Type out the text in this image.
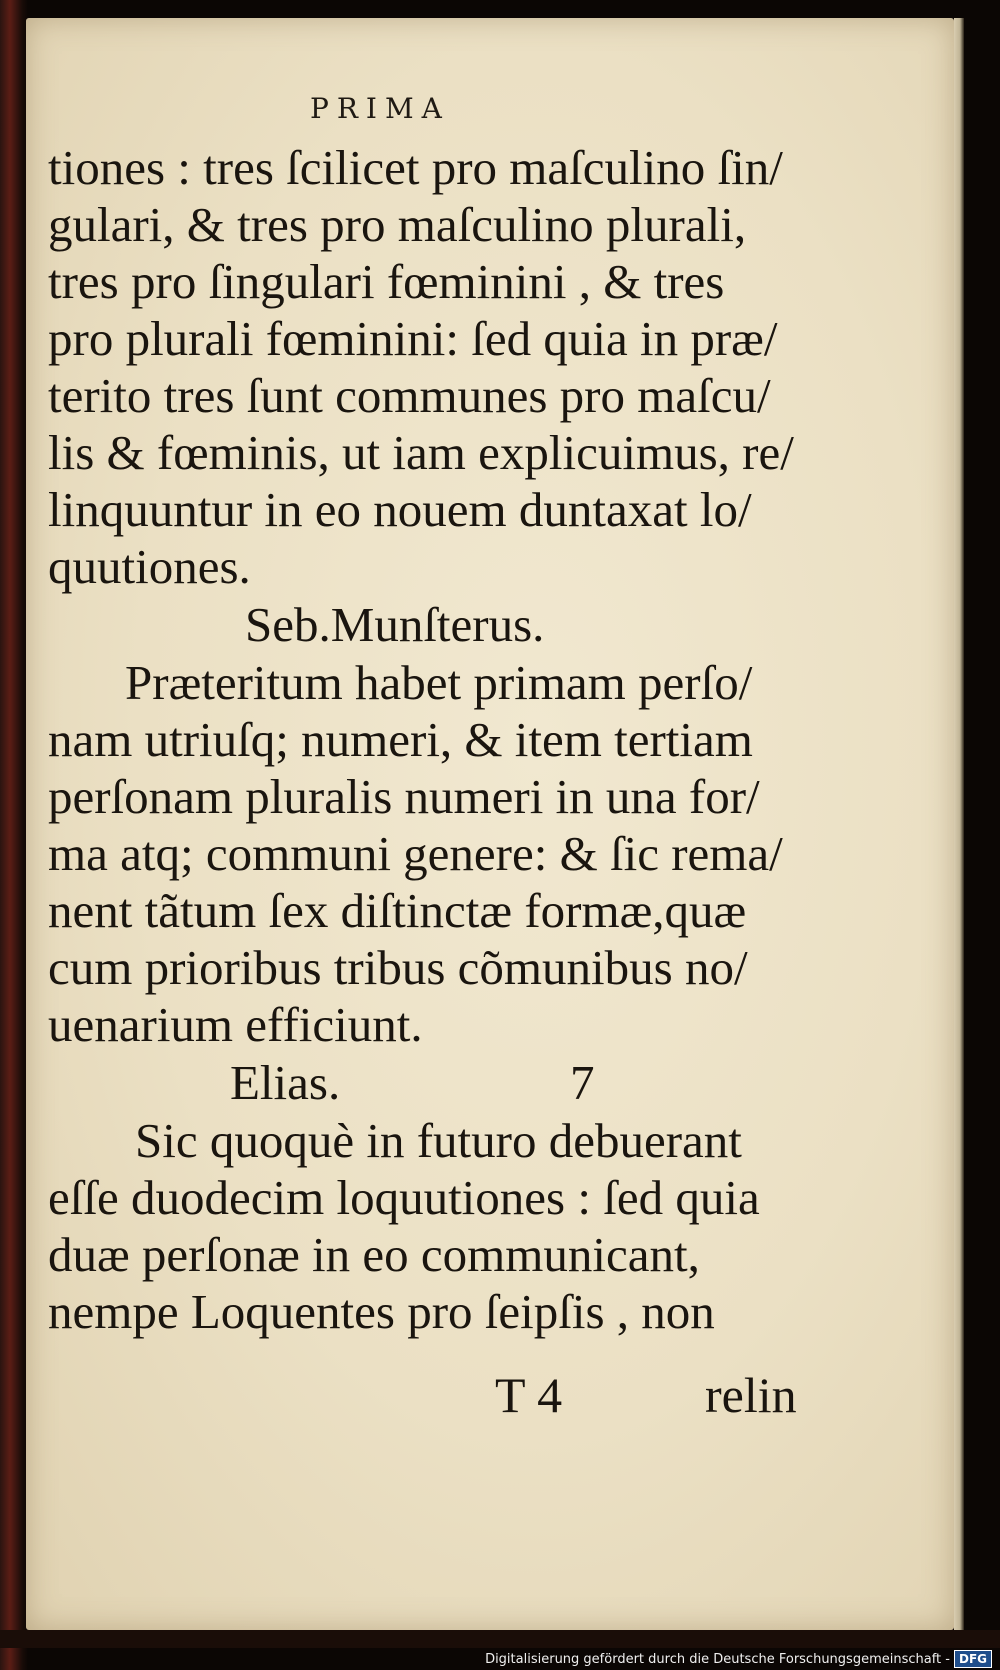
PRIMA
tiones : tres ſcilicet pro maſculino ſin/
gulari, & tres pro maſculino plurali,
tres pro ſingulari fœminini , & tres
pro plurali fœminini: ſed quia in præ/
terito tres ſunt communes pro maſcu/
lis & fœminis, ut iam explicuimus, re/
linquuntur in eo nouem duntaxat lo/
quutiones.
Seb.Munſterus.
Præteritum habet primam perſo/
nam utriuſq; numeri, & item tertiam
perſonam pluralis numeri in una for/
ma atq; communi genere: & ſic rema/
nent tãtum ſex diſtinctæ formæ,quæ
cum prioribus tribus cõmunibus no/
uenarium efficiunt.
Elias.	7
Sic quoquè in futuro debuerant
eſſe duodecim loquutiones : ſed quia
duæ perſonæ in eo communicant,
nempe Loquentes pro ſeipſis , non
T 4	relin
Digitalisierung gefördert durch die Deutsche Forschungsgemeinschaft - DFG
